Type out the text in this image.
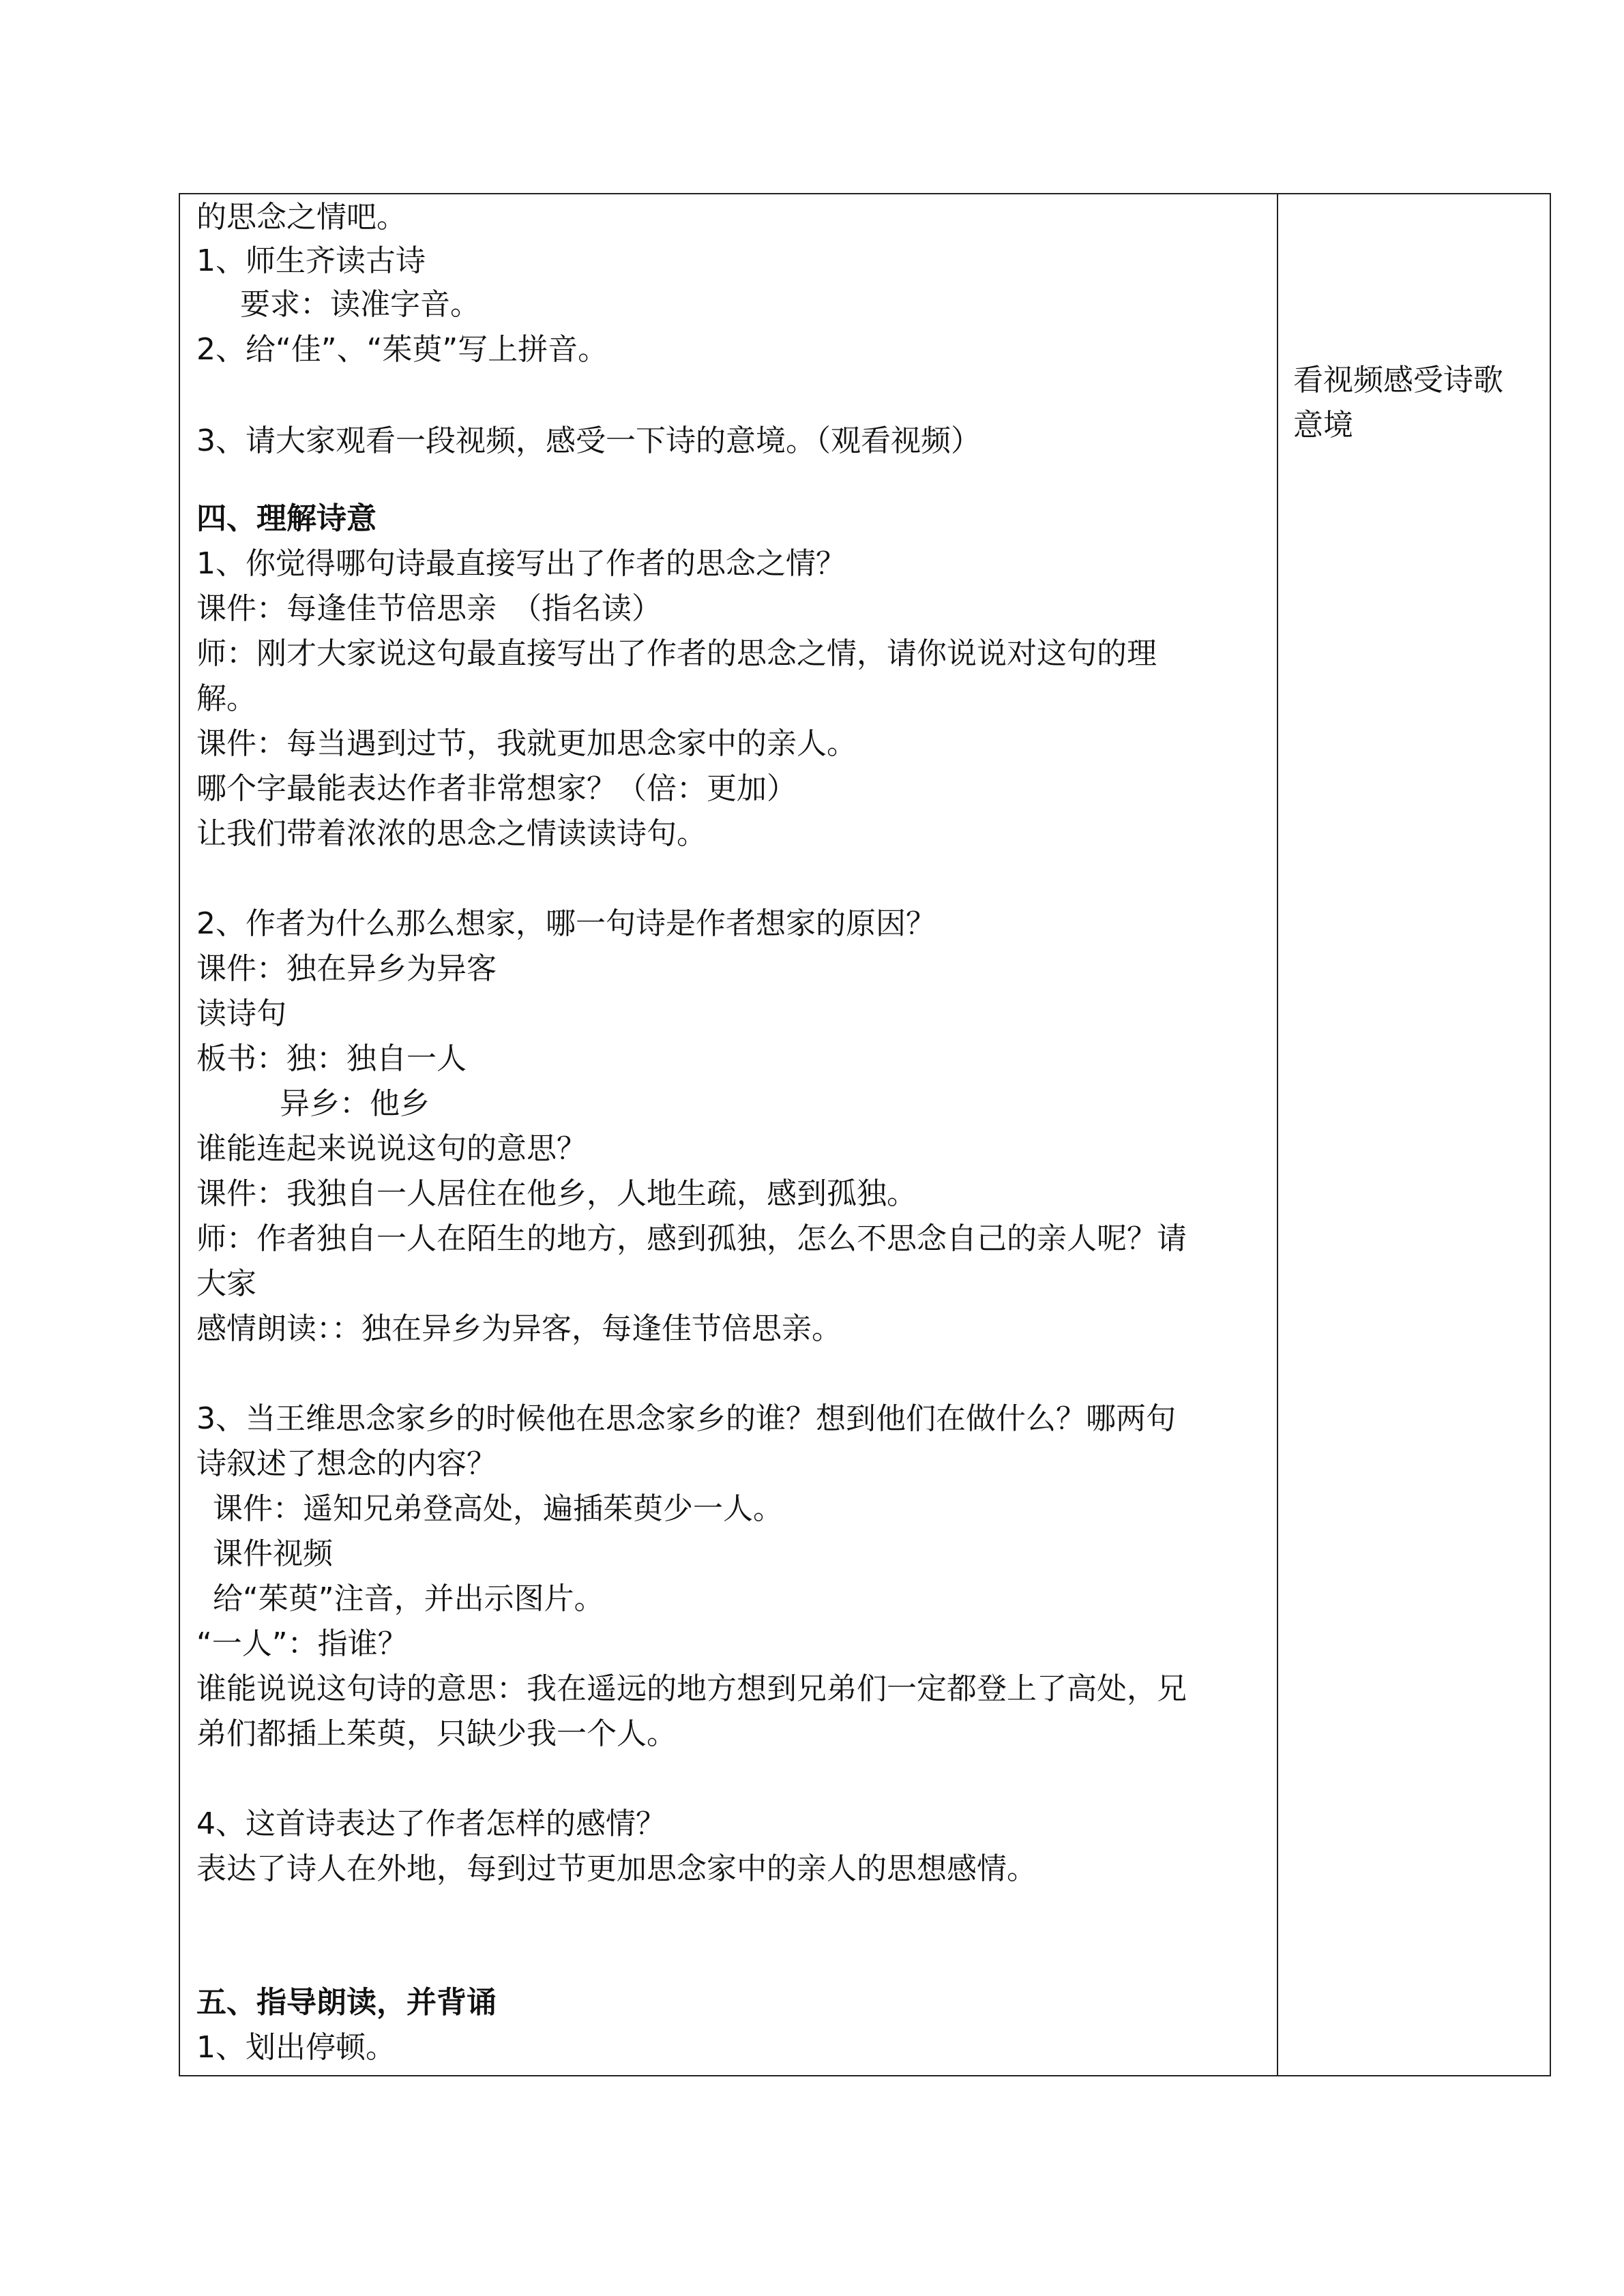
的思念之情吧。
1、师生齐读古诗
要求：读准字音。
2、给“佳”、“茱萸”写上拼音。
3、请大家观看一段视频，感受一下诗的意境。（观看视频）
四、理解诗意
1、你觉得哪句诗最直接写出了作者的思念之情？
课件：每逢佳节倍思亲　（指名读）
师：刚才大家说这句最直接写出了作者的思念之情，请你说说对这句的理
解。
课件：每当遇到过节，我就更加思念家中的亲人。
哪个字最能表达作者非常想家？（倍：更加）
让我们带着浓浓的思念之情读读诗句。
2、作者为什么那么想家，哪一句诗是作者想家的原因？
课件：独在异乡为异客
读诗句
板书：独：独自一人
异乡：他乡
谁能连起来说说这句的意思？
课件：我独自一人居住在他乡，人地生疏，感到孤独。
师：作者独自一人在陌生的地方，感到孤独，怎么不思念自己的亲人呢？请
大家
感情朗读：：独在异乡为异客，每逢佳节倍思亲。
3、当王维思念家乡的时候他在思念家乡的谁？想到他们在做什么？哪两句
诗叙述了想念的内容？
课件：遥知兄弟登高处，遍插茱萸少一人。
课件视频
给“茱萸”注音，并出示图片。
“一人”：指谁？
谁能说说这句诗的意思：我在遥远的地方想到兄弟们一定都登上了高处，兄
弟们都插上茱萸，只缺少我一个人。
4、这首诗表达了作者怎样的感情？
表达了诗人在外地，每到过节更加思念家中的亲人的思想感情。
五、指导朗读，并背诵
1、划出停顿。
看视频感受诗歌
意境
